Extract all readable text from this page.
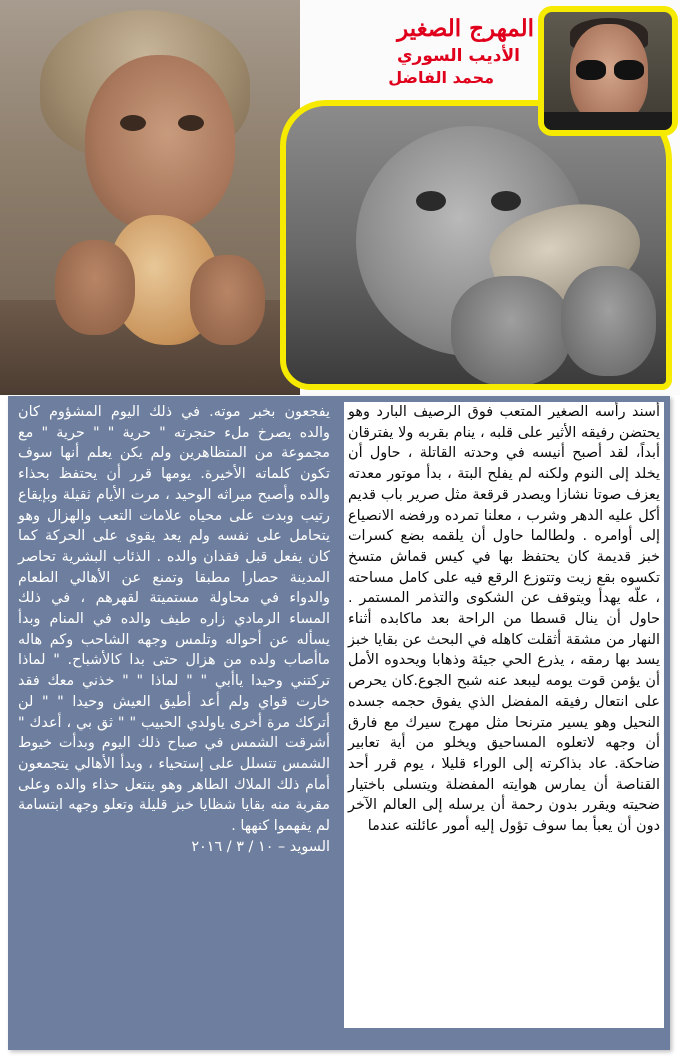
المهرج الصغير

الأديب السوري

محمد الفاضل

أسند رأسه الصغير المتعب فوق الرصيف البارد وهو يحتضن رفيقه الأثير على قلبه ، ينام بقربه ولا يفترقان أبداً، لقد أصبح أنيسه في وحدته القاتلة ، حاول أن يخلد إلى النوم ولكنه لم يفلح البتة ، بدأ موتور معدته يعزف صوتا نشازا ويصدر قرقعة مثل صرير باب قديم أكل عليه الدهر وشرب ، معلنا تمرده ورفضه الانصياع إلى أوامره . ولطالما حاول أن يلقمه بضع كسرات خبز قديمة كان يحتفظ بها في كيس قماش متسخ تكسوه بقع زيت وتتوزع الرقع فيه على كامل مساحته ، علّه يهدأ ويتوقف عن الشكوى والتذمر المستمر . حاول أن ينال قسطا من الراحة بعد ماكابده أثناء النهار من مشقة أثقلت كاهله في البحث عن بقايا خبز يسد بها رمقه ، يذرع الحي جيئة وذهابا ويحدوه الأمل أن يؤمن قوت يومه ليبعد عنه شبح الجوع.كان يحرص على انتعال رفيقه المفضل الذي يفوق حجمه جسده النحيل وهو يسير مترنحا مثل مهرج سيرك مع فارق أن وجهه لاتعلوه المساحيق ويخلو من أية تعابير ضاحكة. عاد بذاكرته إلى الوراء قليلا ، يوم قرر أحد القناصة أن يمارس هوايته المفضلة ويتسلى باختيار ضحيته ويقرر بدون رحمة أن يرسله إلى العالم الآخر دون أن يعبأ بما سوف تؤول إليه أمور عائلته عندما

يفجعون بخبر موته. في ذلك اليوم المشؤوم كان والده يصرخ ملء حنجرته " حرية " " حرية " مع مجموعة من المتظاهرين ولم يكن يعلم أنها سوف تكون كلماته الأخيرة. يومها قرر أن يحتفظ بحذاء والده وأصبح ميراثه الوحيد ، مرت الأيام ثقيلة وبإيقاع رتيب وبدت على محياه علامات التعب والهزال وهو يتحامل على نفسه ولم يعد يقوى على الحركة كما كان يفعل قبل فقدان والده . الذئاب البشرية تحاصر المدينة حصارا مطبقا وتمنع عن الأهالي الطعام والدواء في محاولة مستميتة لقهرهم ، في ذلك المساء الرمادي زاره طيف والده في المنام وبدأ يسأله عن أحواله وتلمس وجهه الشاحب وكم هاله ماأصاب ولده من هزال حتى بدا كالأشباح. " لماذا تركتني وحيدا ياأبي " " لماذا " " خذني معك فقد خارت قواي ولم أعد أطيق العيش وحيدا " " لن أتركك مرة أخرى ياولدي الحبيب " " ثق بي ، أعدك " أشرقت الشمس في صباح ذلك اليوم وبدأت خيوط الشمس تتسلل على إستحياء ، وبدأ الأهالي يتجمعون أمام ذلك الملاك الطاهر وهو ينتعل حذاء والده وعلى مقربة منه بقايا شظايا خبز قليلة وتعلو وجهه ابتسامة لم يفهموا كنهها .

السويد – ١٠ / ٣ / ٢٠١٦
